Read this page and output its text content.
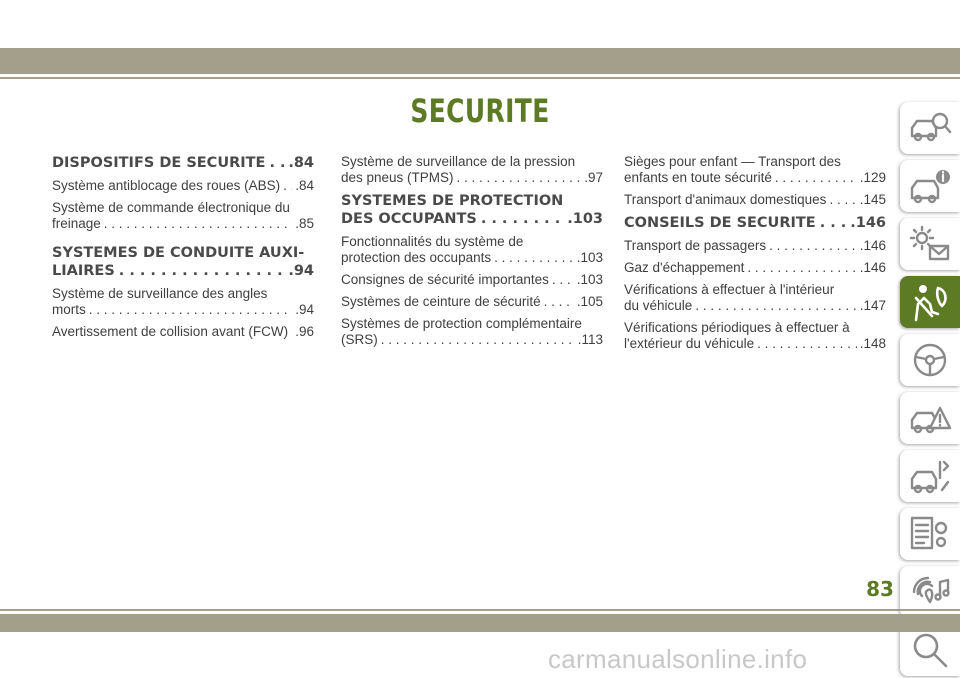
SECURITE
DISPOSITIFS DE SECURITE . . . .84
Système antiblocage des roues (ABS) . . . .84
Système de commande électronique du
freinage . . .	.85
SYSTEMES DE CONDUITE AUXI-
LIAIRES . . .	.94
Système de surveillance des angles
morts . . .	.94
Avertissement de collision avant (FCW) . . . .96
Système de surveillance de la pression
des pneus (TPMS) . . .	.97
SYSTEMES DE PROTECTION
DES OCCUPANTS . . .	.103
Fonctionnalités du système de
protection des occupants . . .	.103
Consignes de sécurité importantes . . . .103
Systèmes de ceinture de sécurité . . .	.105
Systèmes de protection complémentaire
(SRS) . . .	.113
Sièges pour enfant — Transport des
enfants en toute sécurité . . .	.129
Transport d'animaux domestiques . . . .145
CONSEILS DE SECURITE . . . .146
Transport de passagers . . .	.146
Gaz d'échappement . . .	.146
Vérifications à effectuer à l'intérieur
du véhicule . . .	.147
Vérifications périodiques à effectuer à
l'extérieur du véhicule . . .	.148
83
carmanualsonline.info
